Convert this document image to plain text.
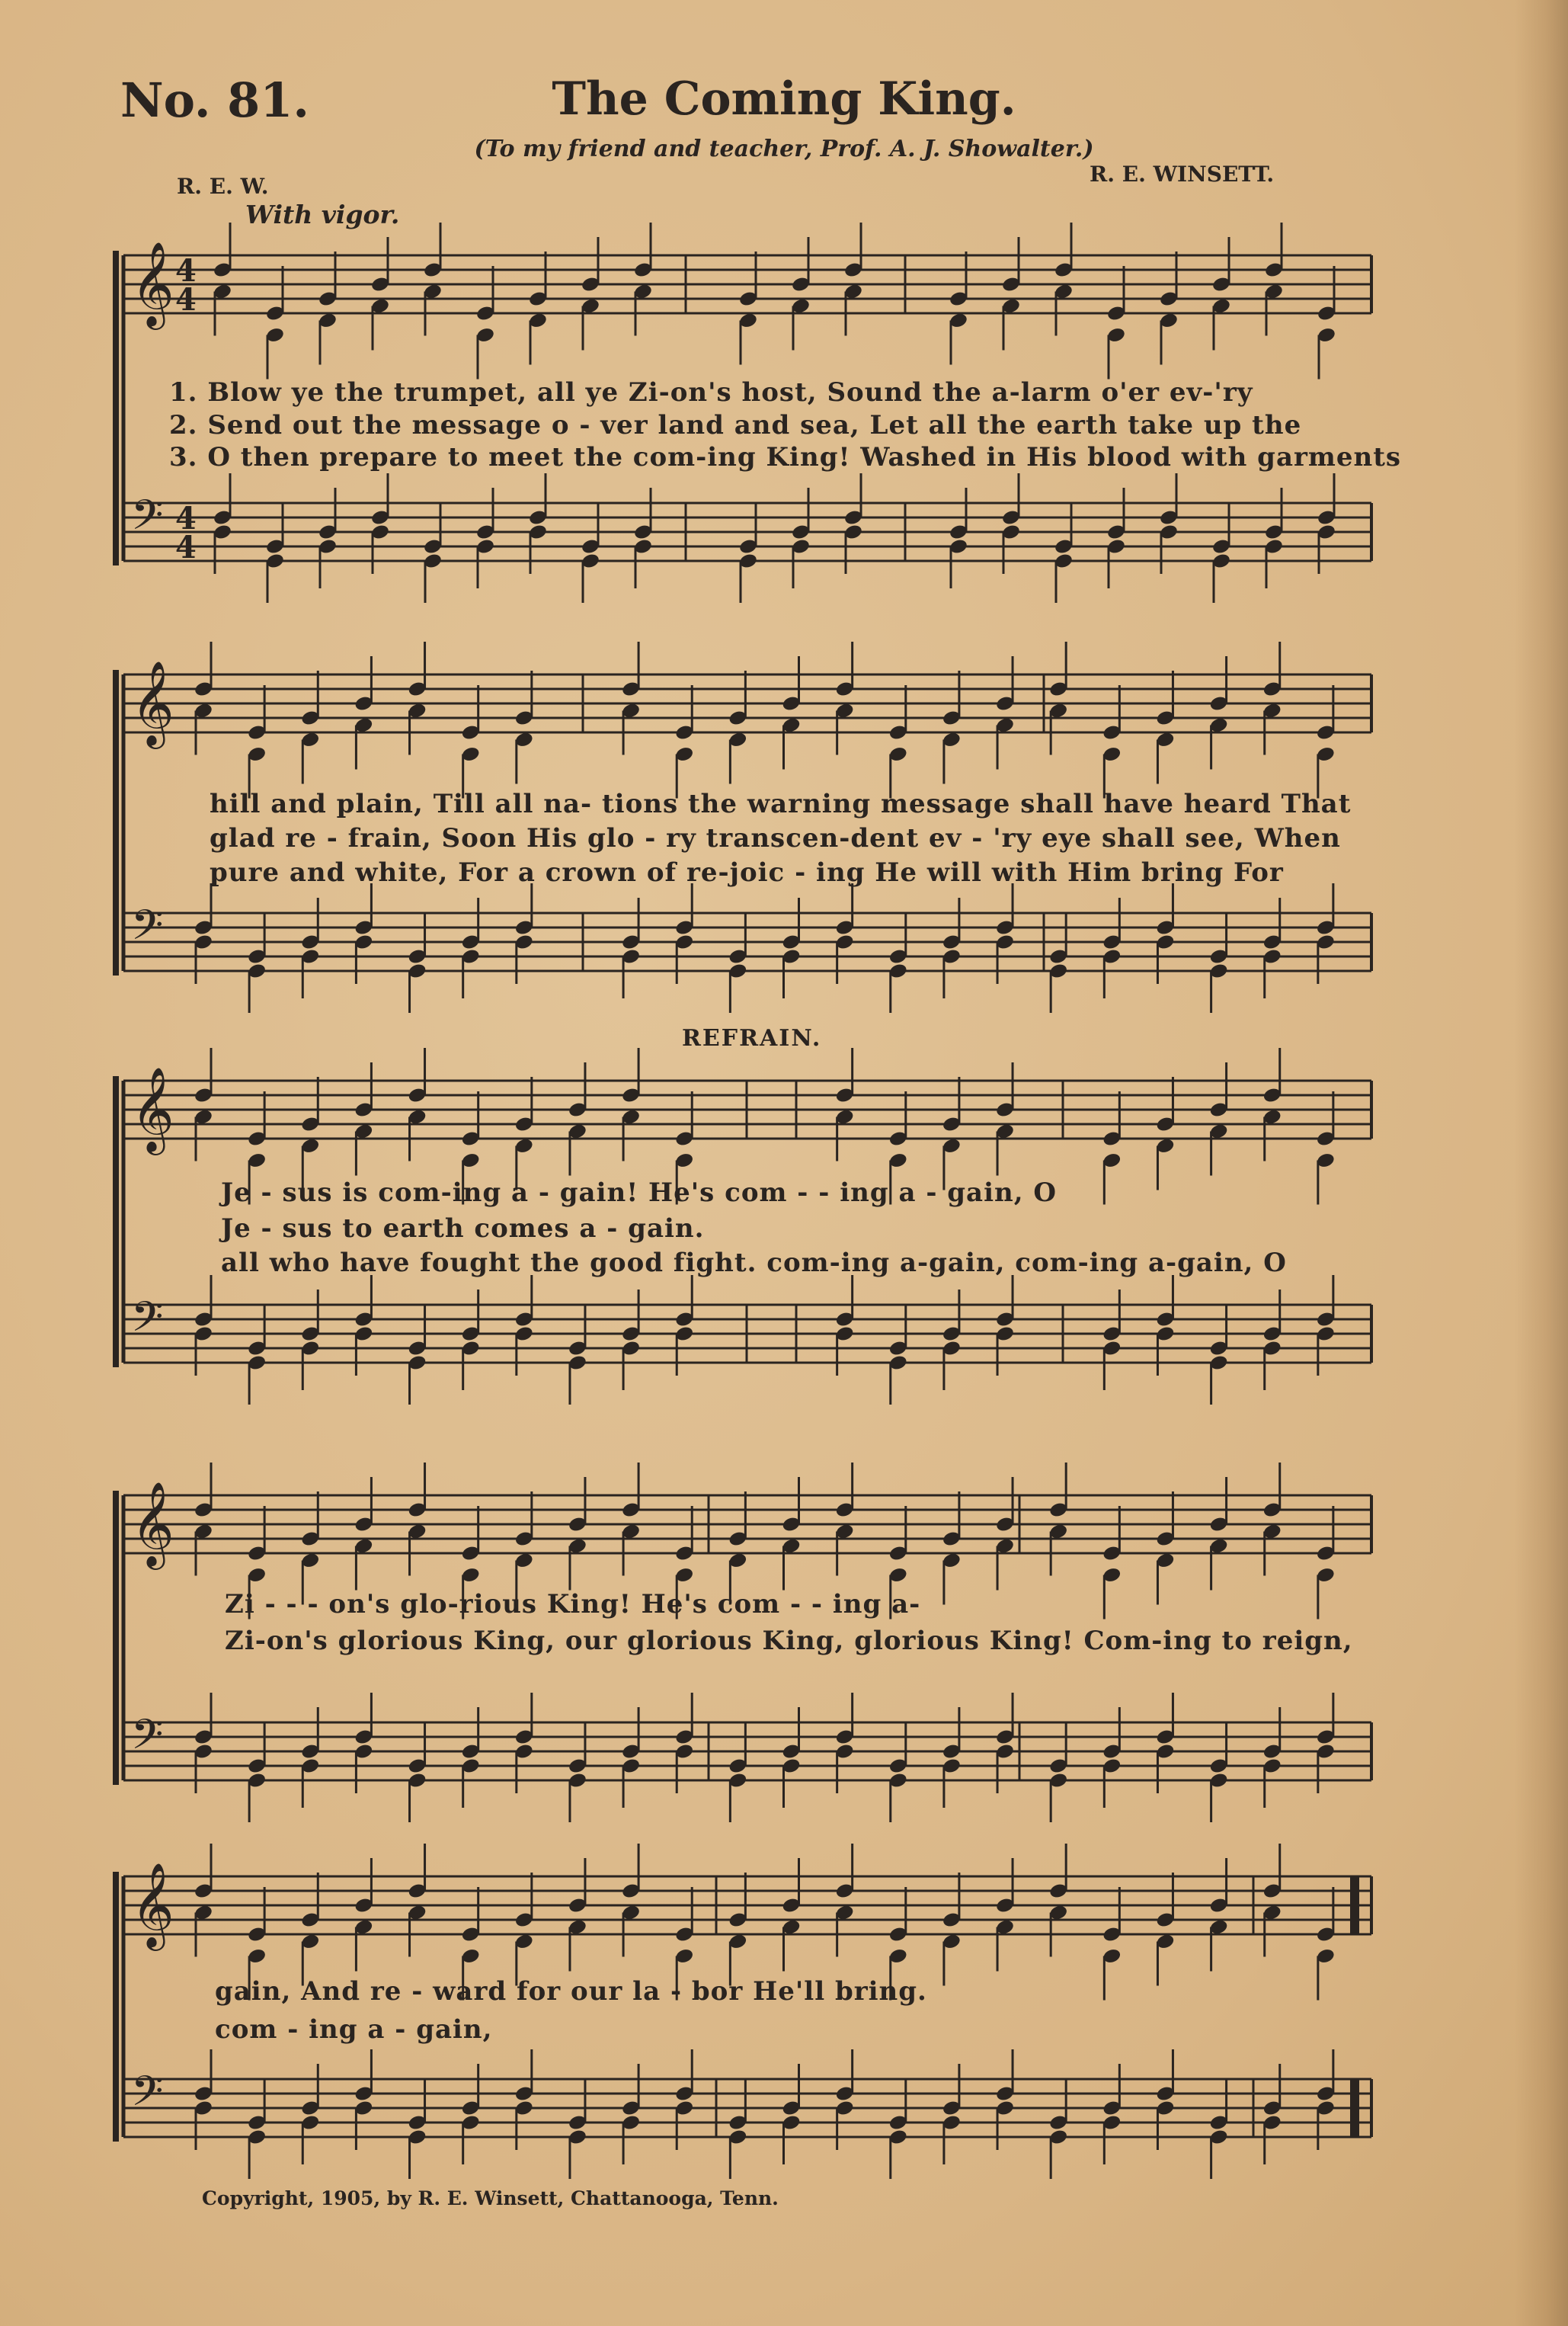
No. 81.	The Coming King.
(To my friend and teacher, Prof. A. J. Showalter.)
R. E. W.	R. E. WINSETT.
With vigor.
REFRAIN.
Copyright, 1905, by R. E. Winsett, Chattanooga, Tenn.
𝄞 4
4
𝄢 4
4
𝄞
𝄢
𝄞
𝄢
𝄞
𝄢
𝄞
𝄢
1. Blow ye the trumpet, all ye Zi-on's host, Sound the a-larm o'er ev-'ry
2. Send out the message o - ver land and sea, Let all the earth take up the
3. O then prepare to meet the com-ing King! Washed in His blood with garments
hill and plain, Till all na- tions the warning message shall have heard That
glad re - frain, Soon His glo - ry transcen-dent ev - 'ry eye shall see, When
pure and white, For a crown of re-joic - ing He will with Him bring For
Je - sus is com-ing a - gain! He's com - - ing a - gain, O
Je - sus to earth comes a - gain.
all who have fought the good fight. com-ing a-gain, com-ing a-gain, O
Zi - - - on's glo-rious King! He's com - - ing a-
Zi-on's glorious King, our glorious King, glorious King! Com-ing to reign,
gain, And re - ward for our la - bor He'll bring.
com - ing a - gain,
